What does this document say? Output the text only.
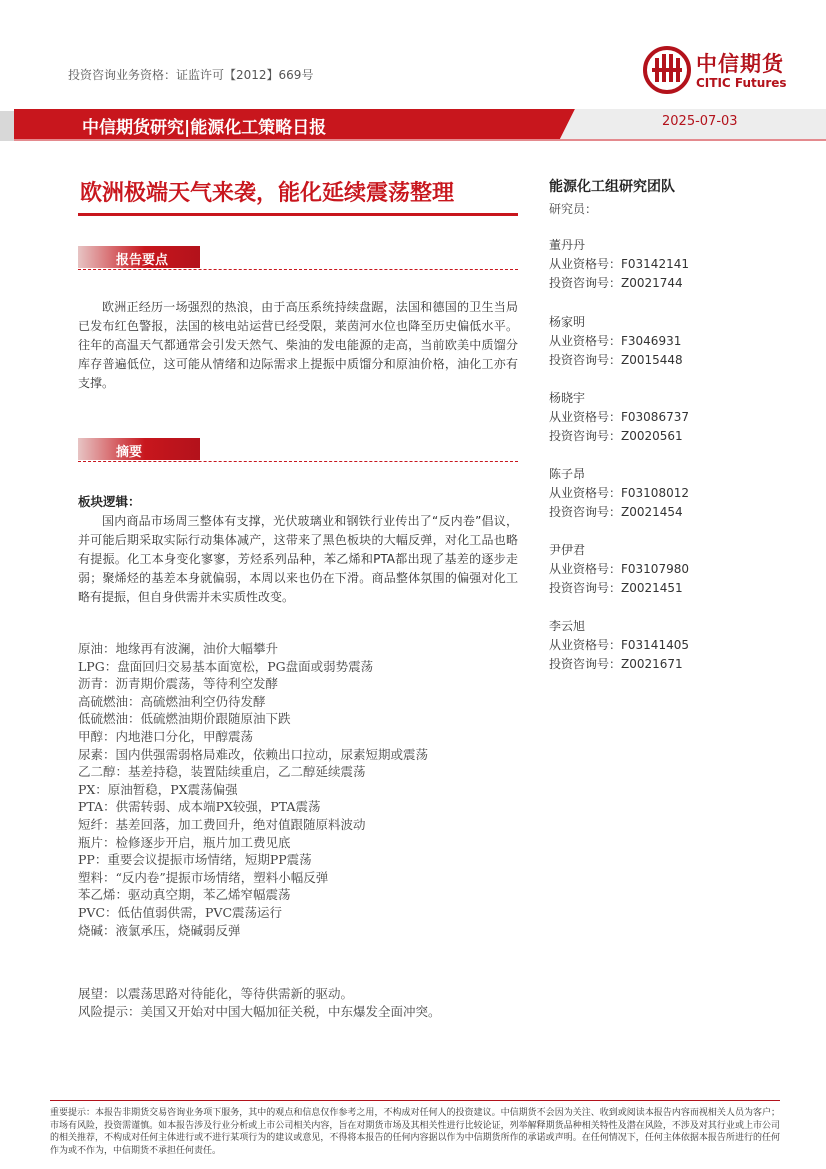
投资咨询业务资格：证监许可【2012】669号	中信期货
CITIC Futures
中信期货研究|能源化工策略日报	2025-07-03
欧洲极端天气来袭，能化延续震荡整理	能源化工组研究团队
研究员：
董丹丹
从业资格号：F03142141
投资咨询号：Z0021744
杨家明
从业资格号：F3046931
投资咨询号：Z0015448
杨晓宇
从业资格号：F03086737
投资咨询号：Z0020561
陈子昂
从业资格号：F03108012
投资咨询号：Z0021454
尹伊君
从业资格号：F03107980
投资咨询号：Z0021451
李云旭
从业资格号：F03141405
投资咨询号：Z0021671
报告要点

欧洲正经历一场强烈的热浪，由于高压系统持续盘踞，法国和德国的卫生当局已发布红色警报，法国的核电站运营已经受限，莱茵河水位也降至历史偏低水平。往年的高温天气都通常会引发天然气、柴油的发电能源的走高，当前欧美中质馏分库存普遍低位，这可能从情绪和边际需求上提振中质馏分和原油价格，油化工亦有支撑。

摘要
板块逻辑：

国内商品市场周三整体有支撑，光伏玻璃业和钢铁行业传出了“反内卷”倡议，并可能后期采取实际行动集体减产，这带来了黑色板块的大幅反弹，对化工品也略有提振。化工本身变化寥寥，芳烃系列品种，苯乙烯和PTA都出现了基差的逐步走弱；聚烯烃的基差本身就偏弱，本周以来也仍在下滑。商品整体氛围的偏强对化工略有提振，但自身供需并未实质性改变。

原油：地缘再有波澜，油价大幅攀升
LPG：盘面回归交易基本面宽松，PG盘面或弱势震荡
沥青：沥青期价震荡，等待利空发酵
高硫燃油：高硫燃油利空仍待发酵
低硫燃油：低硫燃油期价跟随原油下跌
甲醇：内地港口分化，甲醇震荡
尿素：国内供强需弱格局难改，依赖出口拉动，尿素短期或震荡
乙二醇：基差持稳，装置陆续重启，乙二醇延续震荡
PX：原油暂稳，PX震荡偏强
PTA：供需转弱、成本端PX较强，PTA震荡
短纤：基差回落，加工费回升，绝对值跟随原料波动
瓶片：检修逐步开启，瓶片加工费见底
PP：重要会议提振市场情绪，短期PP震荡
塑料：“反内卷”提振市场情绪，塑料小幅反弹
苯乙烯：驱动真空期，苯乙烯窄幅震荡
PVC：低估值弱供需，PVC震荡运行
烧碱：液氯承压，烧碱弱反弹
展望：以震荡思路对待能化，等待供需新的驱动。
风险提示：美国又开始对中国大幅加征关税，中东爆发全面冲突。
重要提示：本报告非期货交易咨询业务项下服务，其中的观点和信息仅作参考之用，不构成对任何人的投资建议。中信期货不会因为关注、收到或阅读本报告内容而视相关人员为客户；市场有风险，投资需谨慎。如本报告涉及行业分析或上市公司相关内容，旨在对期货市场及其相关性进行比较论证，列举解释期货品种相关特性及潜在风险，不涉及对其行业或上市公司的相关推荐，不构成对任何主体进行或不进行某项行为的建议或意见，不得将本报告的任何内容据以作为中信期货所作的承诺或声明。在任何情况下，任何主体依据本报告所进行的任何作为或不作为，中信期货不承担任何责任。
